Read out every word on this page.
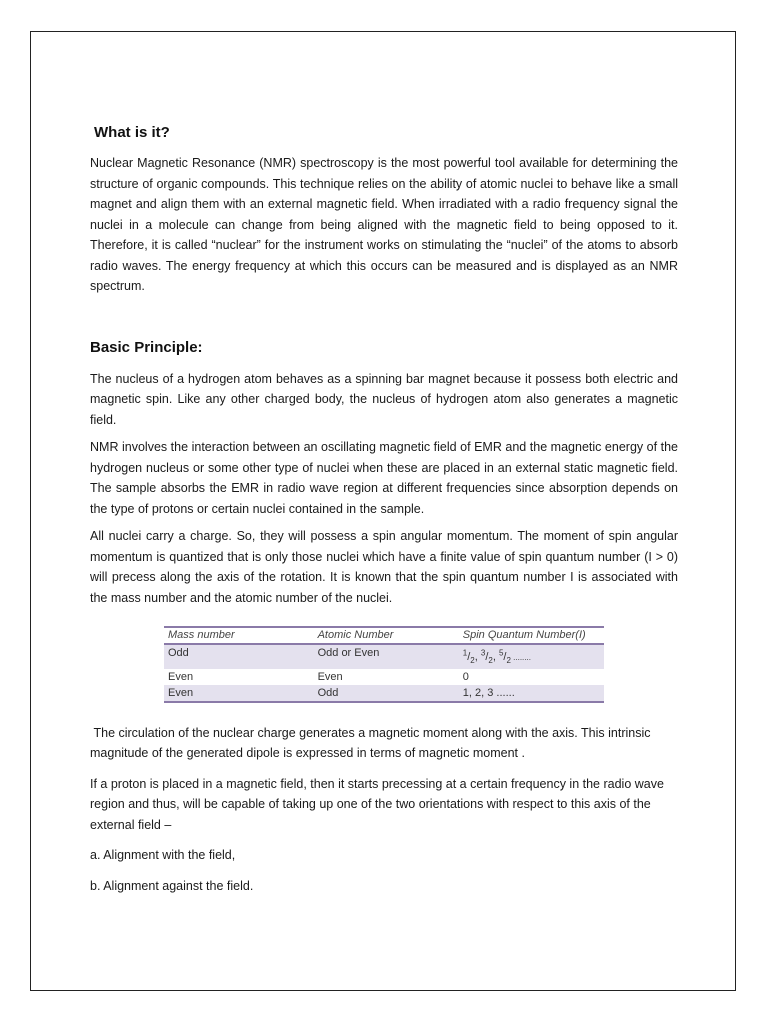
What is it?

Nuclear Magnetic Resonance (NMR) spectroscopy is the most powerful tool available for determining the structure of organic compounds. This technique relies on the ability of atomic nuclei to behave like a small magnet and align them with an external magnetic field. When irradiated with a radio frequency signal the nuclei in a molecule can change from being aligned with the magnetic field to being opposed to it. Therefore, it is called “nuclear” for the instrument works on stimulating the “nuclei” of the atoms to absorb radio waves. The energy frequency at which this occurs can be measured and is displayed as an NMR spectrum.

Basic Principle:

The nucleus of a hydrogen atom behaves as a spinning bar magnet because it possess both electric and magnetic spin. Like any other charged body, the nucleus of hydrogen atom also generates a magnetic field.

NMR involves the interaction between an oscillating magnetic field of EMR and the magnetic energy of the hydrogen nucleus or some other type of nuclei when these are placed in an external static magnetic field. The sample absorbs the EMR in radio wave region at different frequencies since absorption depends on the type of protons or certain nuclei contained in the sample.

All nuclei carry a charge. So, they will possess a spin angular momentum. The moment of spin angular momentum is quantized that is only those nuclei which have a finite value of spin quantum number (I > 0) will precess along the axis of the rotation. It is known that the spin quantum number I is associated with the mass number and the atomic number of the nuclei.

Mass number	Atomic Number	Spin Quantum Number(I)
Odd	Odd or Even	$^1/_2$, $^3/_2$, $^5/_2$ ........
Even	Even	0
Even	Odd	1, 2, 3 ......

The circulation of the nuclear charge generates a magnetic moment along with the axis. This intrinsic magnitude of the generated dipole is expressed in terms of magnetic moment .

If a proton is placed in a magnetic field, then it starts precessing at a certain frequency in the radio wave region and thus, will be capable of taking up one of the two orientations with respect to this axis of the external field –

a. Alignment with the field,

b. Alignment against the field.
